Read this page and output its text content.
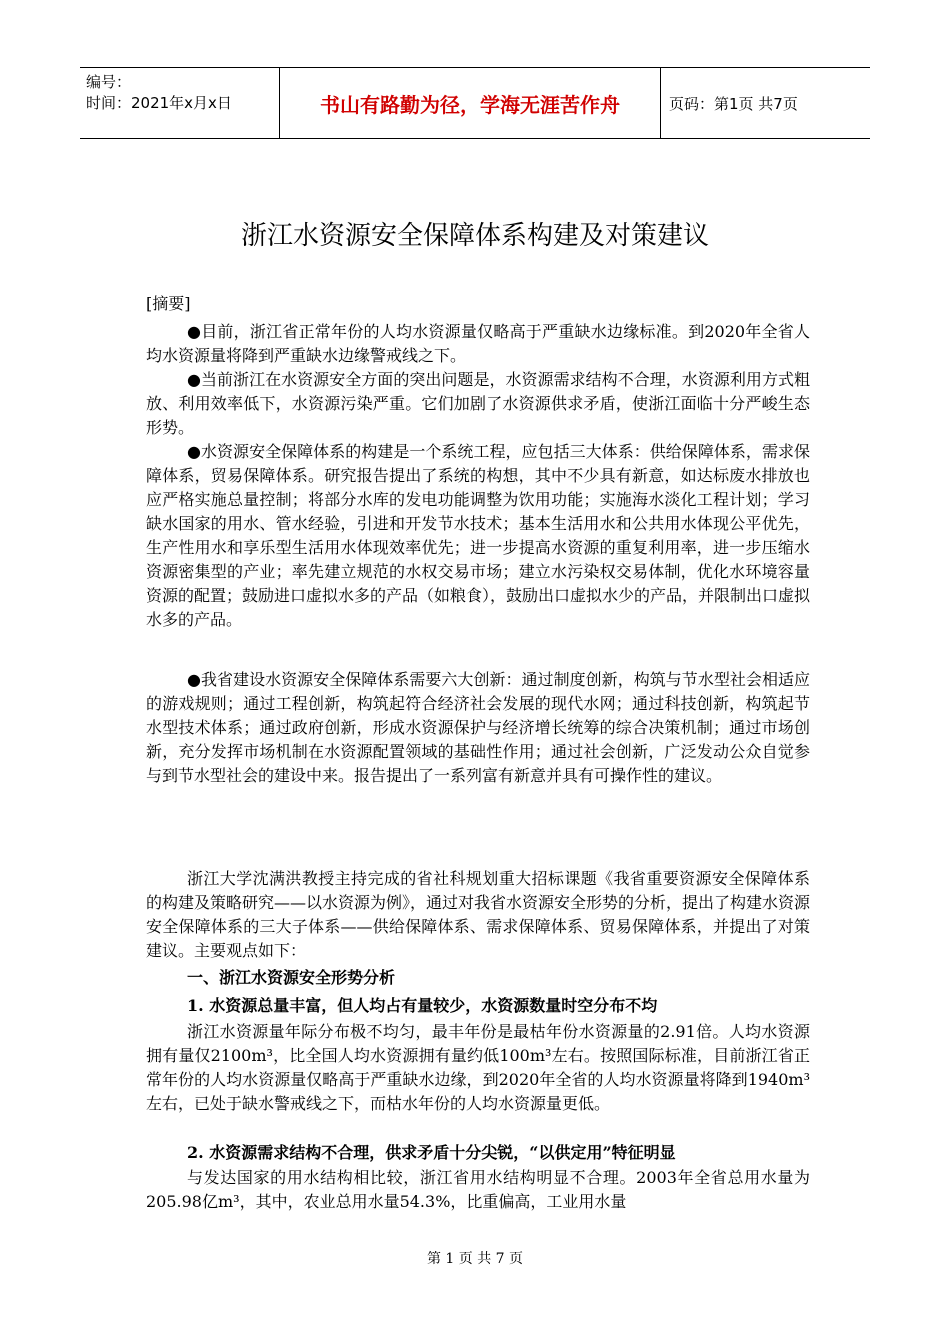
编号：
时间：2021年x月x日	书山有路勤为径，学海无涯苦作舟	页码：第1页 共7页
浙江水资源安全保障体系构建及对策建议
[摘要]
●目前，浙江省正常年份的人均水资源量仅略高于严重缺水边缘标准。到2020年全省人均水资源量将降到严重缺水边缘警戒线之下。
●当前浙江在水资源安全方面的突出问题是，水资源需求结构不合理，水资源利用方式粗放、利用效率低下，水资源污染严重。它们加剧了水资源供求矛盾，使浙江面临十分严峻生态形势。
●水资源安全保障体系的构建是一个系统工程，应包括三大体系：供给保障体系，需求保障体系，贸易保障体系。研究报告提出了系统的构想，其中不少具有新意，如达标废水排放也应严格实施总量控制；将部分水库的发电功能调整为饮用功能；实施海水淡化工程计划；学习缺水国家的用水、管水经验，引进和开发节水技术；基本生活用水和公共用水体现公平优先，生产性用水和享乐型生活用水体现效率优先；进一步提高水资源的重复利用率，进一步压缩水资源密集型的产业；率先建立规范的水权交易市场；建立水污染权交易体制，优化水环境容量资源的配置；鼓励进口虚拟水多的产品（如粮食），鼓励出口虚拟水少的产品，并限制出口虚拟水多的产品。
●我省建设水资源安全保障体系需要六大创新：通过制度创新，构筑与节水型社会相适应的游戏规则；通过工程创新，构筑起符合经济社会发展的现代水网；通过科技创新，构筑起节水型技术体系；通过政府创新，形成水资源保护与经济增长统筹的综合决策机制；通过市场创新，充分发挥市场机制在水资源配置领域的基础性作用；通过社会创新，广泛发动公众自觉参与到节水型社会的建设中来。报告提出了一系列富有新意并具有可操作性的建议。
浙江大学沈满洪教授主持完成的省社科规划重大招标课题《我省重要资源安全保障体系的构建及策略研究——以水资源为例》，通过对我省水资源安全形势的分析，提出了构建水资源安全保障体系的三大子体系——供给保障体系、需求保障体系、贸易保障体系，并提出了对策建议。主要观点如下：
一、浙江水资源安全形势分析
1. 水资源总量丰富，但人均占有量较少，水资源数量时空分布不均
浙江水资源量年际分布极不均匀，最丰年份是最枯年份水资源量的2.91倍。人均水资源拥有量仅2100m³，比全国人均水资源拥有量约低100m³左右。按照国际标准，目前浙江省正常年份的人均水资源量仅略高于严重缺水边缘，到2020年全省的人均水资源量将降到1940m³左右，已处于缺水警戒线之下，而枯水年份的人均水资源量更低。
2. 水资源需求结构不合理，供求矛盾十分尖锐，“以供定用”特征明显
与发达国家的用水结构相比较，浙江省用水结构明显不合理。2003年全省总用水量为205.98亿m³，其中，农业总用水量54.3%，比重偏高，工业用水量
第 1 页 共 7 页
